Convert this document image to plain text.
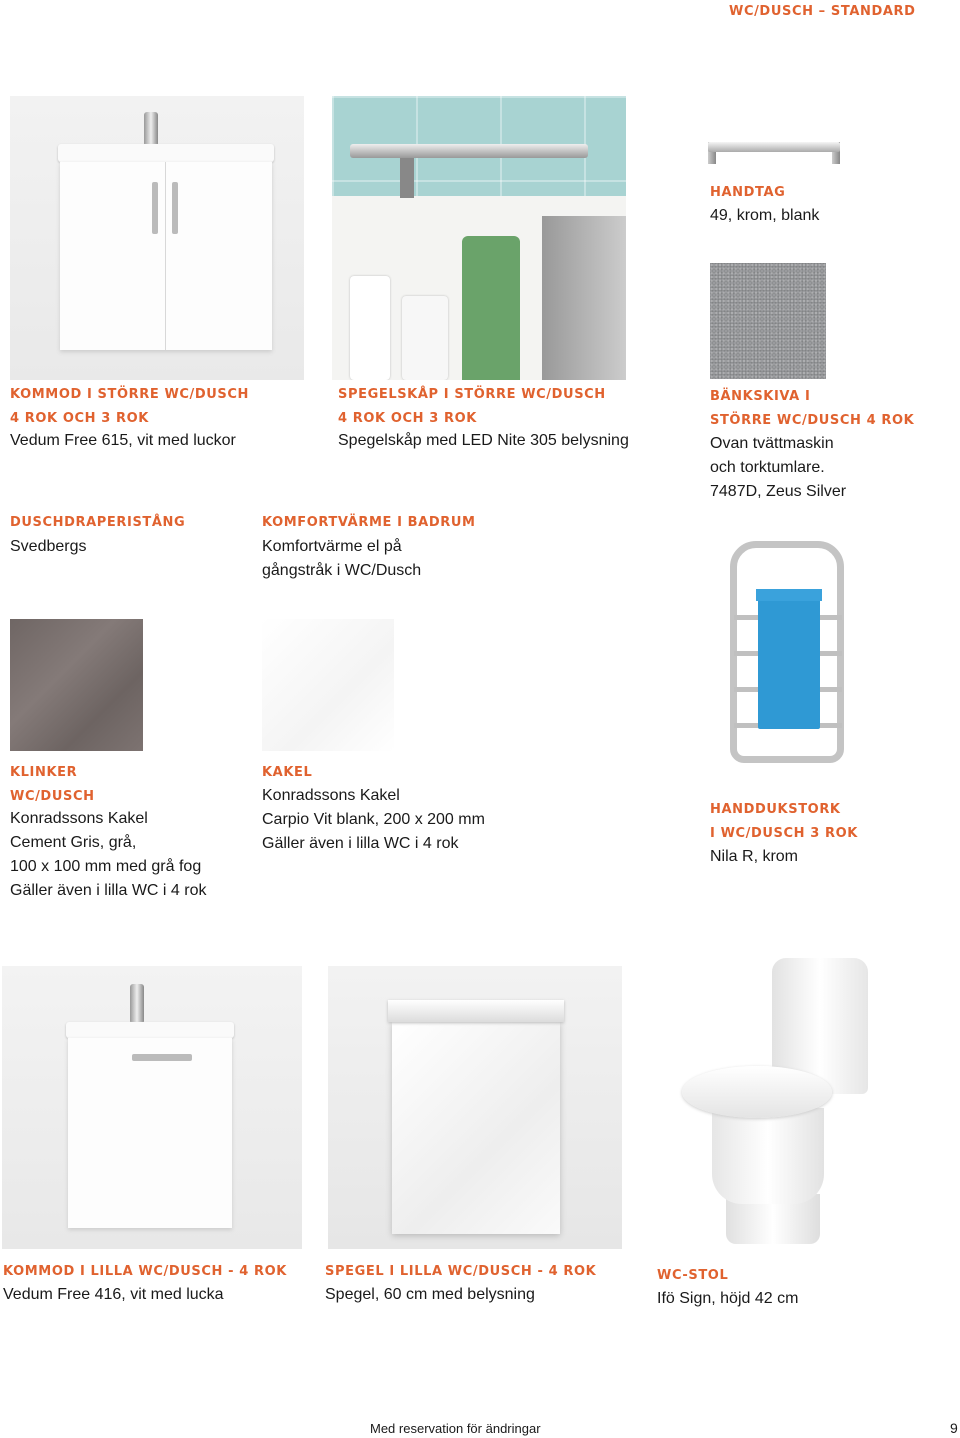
WC/DUSCH – STANDARD
HANDTAG
49, krom, blank
KOMMOD I STÖRRE WC/DUSCH
4 ROK OCH 3 ROK
Vedum Free 615, vit med luckor
SPEGELSKÅP I STÖRRE WC/DUSCH
4 ROK OCH 3 ROK
Spegelskåp med LED Nite 305 belysning
BÄNKSKIVA I
STÖRRE WC/DUSCH 4 ROK
Ovan tvättmaskin
och torktumlare.
7487D, Zeus Silver
DUSCHDRAPERISTÅNG
Svedbergs
KOMFORTVÄRME I BADRUM
Komfortvärme el på
gångstråk i WC/Dusch
KLINKER
WC/DUSCH
Konradssons Kakel
Cement Gris, grå,
100 x 100 mm med grå fog
Gäller även i lilla WC i 4 rok
KAKEL
Konradssons Kakel
Carpio Vit blank, 200 x 200 mm
Gäller även i lilla WC i 4 rok
HANDDUKSTORK
I WC/DUSCH 3 ROK
Nila R, krom
KOMMOD I LILLA WC/DUSCH - 4 ROK
Vedum Free 416, vit med lucka
SPEGEL I LILLA WC/DUSCH - 4 ROK
Spegel, 60 cm med belysning
WC-STOL
Ifö Sign, höjd 42 cm
Med reservation för ändringar	9
